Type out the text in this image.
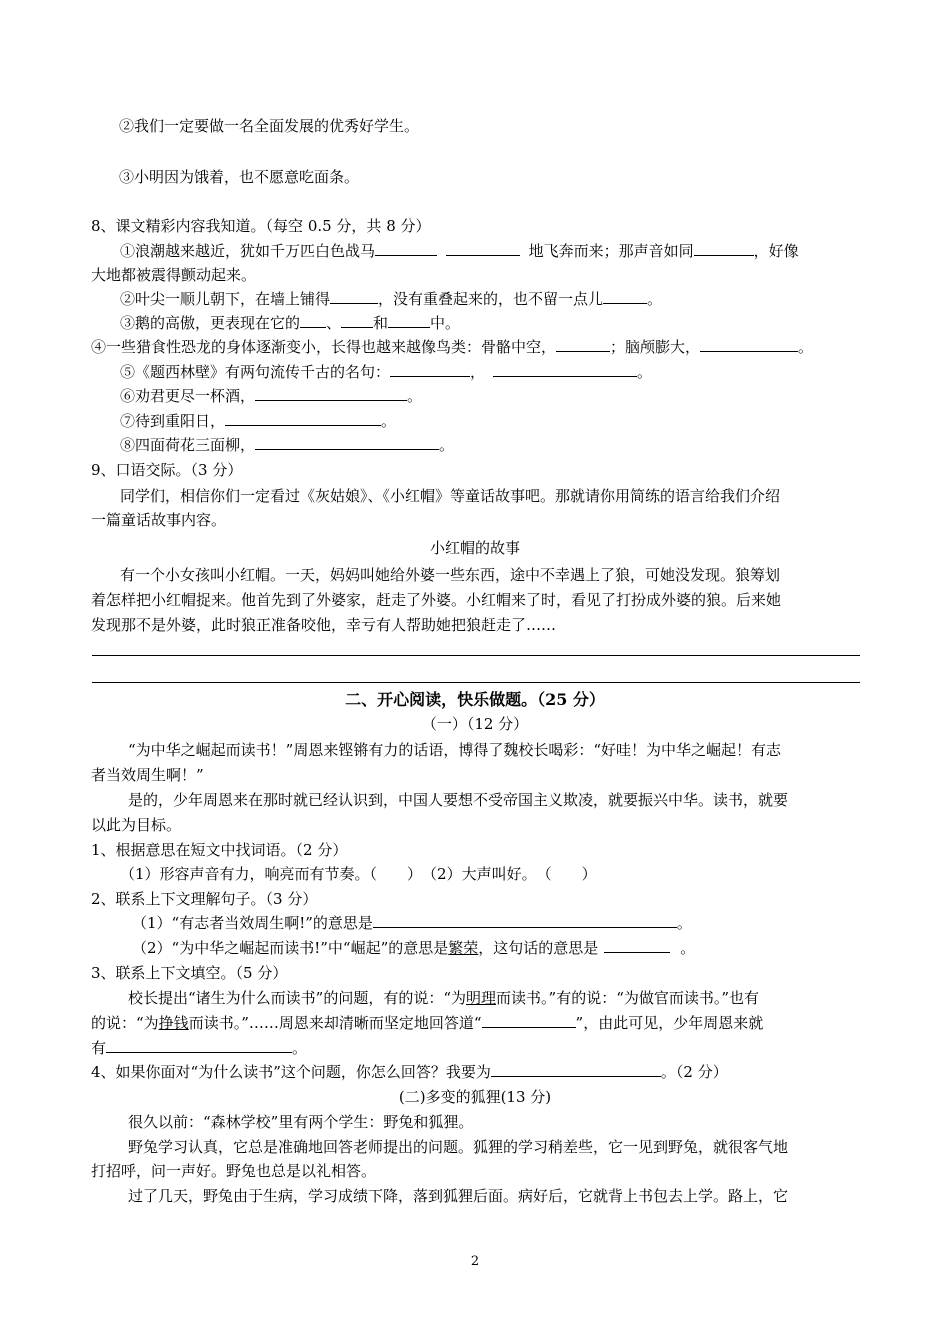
②我们一定要做一名全面发展的优秀好学生。
③小明因为饿着，也不愿意吃面条。
8、课文精彩内容我知道。（每空 0.5 分，共 8 分）
①浪潮越来越近，犹如千万匹白色战马	地飞奔而来；那声音如同	，好像
大地都被震得颤动起来。
②叶尖一顺儿朝下，在墙上铺得	，没有重叠起来的，也不留一点儿	。
③鹅的高傲，更表现在它的 、 和	中。
④一些猎食性恐龙的身体逐渐变小，长得也越来越像鸟类：骨骼中空，	；脑颅膨大，	。
⑤《题西林壁》有两句流传千古的名句：	，	。
⑥劝君更尽一杯酒，	。
⑦待到重阳日，	。
⑧四面荷花三面柳，	。
9、口语交际。（3 分）
同学们，相信你们一定看过《灰姑娘》、《小红帽》等童话故事吧。那就请你用简练的语言给我们介绍
一篇童话故事内容。
小红帽的故事
有一个小女孩叫小红帽。一天，妈妈叫她给外婆一些东西，途中不幸遇上了狼，可她没发现。狼筹划
着怎样把小红帽捉来。他首先到了外婆家，赶走了外婆。小红帽来了时，看见了打扮成外婆的狼。后来她
发现那不是外婆，此时狼正准备咬他，幸亏有人帮助她把狼赶走了……
二、开心阅读，快乐做题。（25 分）
（一）（12 分）
“为中华之崛起而读书！”周恩来铿锵有力的话语，博得了魏校长喝彩：“好哇！为中华之崛起！有志
者当效周生啊！”
是的，少年周恩来在那时就已经认识到，中国人要想不受帝国主义欺凌，就要振兴中华。读书，就要
以此为目标。
1、根据意思在短文中找词语。（2 分）
（1）形容声音有力，响亮而有节奏。（　　）　（2）大声叫好。　（　　）
2、联系上下文理解句子。（3 分）
（1）“有志者当效周生啊!”的意思是	。
（2）“为中华之崛起而读书!”中“崛起”的意思是繁荣，这句话的意思是	。
3、联系上下文填空。（5 分）
校长提出“诸生为什么而读书”的问题，有的说：“为明理而读书。”有的说：“为做官而读书。”也有
的说：“为挣钱而读书。”……周恩来却清晰而坚定地回答道“	”，由此可见，少年周恩来就
有	。
4、如果你面对“为什么读书”这个问题，你怎么回答？我要为	。（2 分）
(二)多变的狐狸(13 分)
很久以前：“森林学校”里有两个学生：野兔和狐狸。
野兔学习认真，它总是准确地回答老师提出的问题。狐狸的学习稍差些，它一见到野兔，就很客气地
打招呼，问一声好。野兔也总是以礼相答。
过了几天，野兔由于生病，学习成绩下降，落到狐狸后面。病好后，它就背上书包去上学。路上，它
2
